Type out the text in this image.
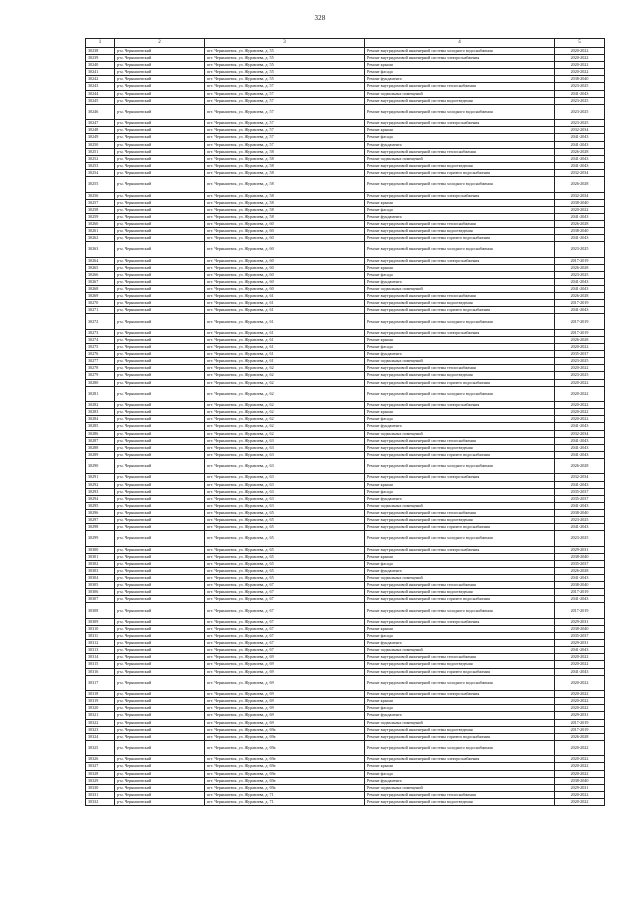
328
1	2	3	4	5
30238	р-н. Чернышевский	пгт. Чернышевск, ул. Журавлева, д. 55	Ремонт внутридомовой инженерной системы холодного водоснабжения	2020-2022
30239	р-н. Чернышевский	пгт. Чернышевск, ул. Журавлева, д. 55	Ремонт внутридомовой инженерной системы электроснабжения	2020-2022
30240	р-н. Чернышевский	пгт. Чернышевск, ул. Журавлева, д. 55	Ремонт крыши	2020-2022
30241	р-н. Чернышевский	пгт. Чернышевск, ул. Журавлева, д. 55	Ремонт фасада	2020-2022
30242	р-н. Чернышевский	пгт. Чернышевск, ул. Журавлева, д. 55	Ремонт фундамента	2038-2040
30243	р-н. Чернышевский	пгт. Чернышевск, ул. Журавлева, д. 57	Ремонт внутридомовой инженерной системы теплоснабжения	2023-2025
30244	р-н. Чернышевский	пгт. Чернышевск, ул. Журавлева, д. 57	Ремонт подвальных помещений	2041-2043
30245	р-н. Чернышевский	пгт. Чернышевск, ул. Журавлева, д. 57	Ремонт внутридомовой инженерной системы водоотведения	2023-2025
30246	р-н. Чернышевский	пгт. Чернышевск, ул. Журавлева, д. 57	Ремонт внутридомовой инженерной системы холодного водоснабжения	2023-2025
30247	р-н. Чернышевский	пгт. Чернышевск, ул. Журавлева, д. 57	Ремонт внутридомовой инженерной системы электроснабжения	2023-2025
30248	р-н. Чернышевский	пгт. Чернышевск, ул. Журавлева, д. 57	Ремонт крыши	2032-2034
30249	р-н. Чернышевский	пгт. Чернышевск, ул. Журавлева, д. 57	Ремонт фасада	2041-2043
30250	р-н. Чернышевский	пгт. Чернышевск, ул. Журавлева, д. 57	Ремонт фундамента	2041-2043
30251	р-н. Чернышевский	пгт. Чернышевск, ул. Журавлева, д. 58	Ремонт внутридомовой инженерной системы теплоснабжения	2026-2028
30252	р-н. Чернышевский	пгт. Чернышевск, ул. Журавлева, д. 58	Ремонт подвальных помещений	2041-2043
30253	р-н. Чернышевский	пгт. Чернышевск, ул. Журавлева, д. 58	Ремонт внутридомовой инженерной системы водоотведения	2041-2043
30254	р-н. Чернышевский	пгт. Чернышевск, ул. Журавлева, д. 58	Ремонт внутридомовой инженерной системы горячего водоснабжения	2032-2034
30255	р-н. Чернышевский	пгт. Чернышевск, ул. Журавлева, д. 58	Ремонт внутридомовой инженерной системы холодного водоснабжения	2026-2028
30256	р-н. Чернышевский	пгт. Чернышевск, ул. Журавлева, д. 58	Ремонт внутридомовой инженерной системы электроснабжения	2032-2034
30257	р-н. Чернышевский	пгт. Чернышевск, ул. Журавлева, д. 58	Ремонт крыши	2038-2040
30258	р-н. Чернышевский	пгт. Чернышевск, ул. Журавлева, д. 58	Ремонт фасада	2020-2022
30259	р-н. Чернышевский	пгт. Чернышевск, ул. Журавлева, д. 58	Ремонт фундамента	2041-2043
30260	р-н. Чернышевский	пгт. Чернышевск, ул. Журавлева, д. 60	Ремонт внутридомовой инженерной системы теплоснабжения	2026-2028
30261	р-н. Чернышевский	пгт. Чернышевск, ул. Журавлева, д. 60	Ремонт внутридомовой инженерной системы водоотведения	2038-2040
30262	р-н. Чернышевский	пгт. Чернышевск, ул. Журавлева, д. 60	Ремонт внутридомовой инженерной системы горячего водоснабжения	2041-2043
30263	р-н. Чернышевский	пгт. Чернышевск, ул. Журавлева, д. 60	Ремонт внутридомовой инженерной системы холодного водоснабжения	2023-2025
30264	р-н. Чернышевский	пгт. Чернышевск, ул. Журавлева, д. 60	Ремонт внутридомовой инженерной системы электроснабжения	2017-2019
30265	р-н. Чернышевский	пгт. Чернышевск, ул. Журавлева, д. 60	Ремонт крыши	2026-2028
30266	р-н. Чернышевский	пгт. Чернышевск, ул. Журавлева, д. 60	Ремонт фасада	2023-2025
30267	р-н. Чернышевский	пгт. Чернышевск, ул. Журавлева, д. 60	Ремонт фундамента	2041-2043
30268	р-н. Чернышевский	пгт. Чернышевск, ул. Журавлева, д. 60	Ремонт подвальных помещений	2041-2043
30269	р-н. Чернышевский	пгт. Чернышевск, ул. Журавлева, д. 61	Ремонт внутридомовой инженерной системы теплоснабжения	2026-2028
30270	р-н. Чернышевский	пгт. Чернышевск, ул. Журавлева, д. 61	Ремонт внутридомовой инженерной системы водоотведения	2017-2019
30271	р-н. Чернышевский	пгт. Чернышевск, ул. Журавлева, д. 61	Ремонт внутридомовой инженерной системы горячего водоснабжения	2041-2043
30272	р-н. Чернышевский	пгт. Чернышевск, ул. Журавлева, д. 61	Ремонт внутридомовой инженерной системы холодного водоснабжения	2017-2019
30273	р-н. Чернышевский	пгт. Чернышевск, ул. Журавлева, д. 61	Ремонт внутридомовой инженерной системы электроснабжения	2017-2019
30274	р-н. Чернышевский	пгт. Чернышевск, ул. Журавлева, д. 61	Ремонт крыши	2026-2028
30275	р-н. Чернышевский	пгт. Чернышевск, ул. Журавлева, д. 61	Ремонт фасада	2020-2022
30276	р-н. Чернышевский	пгт. Чернышевск, ул. Журавлева, д. 61	Ремонт фундамента	2035-2037
30277	р-н. Чернышевский	пгт. Чернышевск, ул. Журавлева, д. 61	Ремонт подвальных помещений	2023-2025
30278	р-н. Чернышевский	пгт. Чернышевск, ул. Журавлева, д. 62	Ремонт внутридомовой инженерной системы теплоснабжения	2020-2022
30279	р-н. Чернышевский	пгт. Чернышевск, ул. Журавлева, д. 62	Ремонт внутридомовой инженерной системы водоотведения	2023-2025
30280	р-н. Чернышевский	пгт. Чернышевск, ул. Журавлева, д. 62	Ремонт внутридомовой инженерной системы горячего водоснабжения	2020-2022
30281	р-н. Чернышевский	пгт. Чернышевск, ул. Журавлева, д. 62	Ремонт внутридомовой инженерной системы холодного водоснабжения	2020-2022
30282	р-н. Чернышевский	пгт. Чернышевск, ул. Журавлева, д. 62	Ремонт внутридомовой инженерной системы электроснабжения	2020-2022
30283	р-н. Чернышевский	пгт. Чернышевск, ул. Журавлева, д. 62	Ремонт крыши	2020-2022
30284	р-н. Чернышевский	пгт. Чернышевск, ул. Журавлева, д. 62	Ремонт фасада	2020-2022
30285	р-н. Чернышевский	пгт. Чернышевск, ул. Журавлева, д. 62	Ремонт фундамента	2041-2043
30286	р-н. Чернышевский	пгт. Чернышевск, ул. Журавлева, д. 62	Ремонт подвальных помещений	2032-2034
30287	р-н. Чернышевский	пгт. Чернышевск, ул. Журавлева, д. 63	Ремонт внутридомовой инженерной системы теплоснабжения	2041-2043
30288	р-н. Чернышевский	пгт. Чернышевск, ул. Журавлева, д. 63	Ремонт внутридомовой инженерной системы водоотведения	2041-2043
30289	р-н. Чернышевский	пгт. Чернышевск, ул. Журавлева, д. 63	Ремонт внутридомовой инженерной системы горячего водоснабжения	2041-2043
30290	р-н. Чернышевский	пгт. Чернышевск, ул. Журавлева, д. 63	Ремонт внутридомовой инженерной системы холодного водоснабжения	2026-2028
30291	р-н. Чернышевский	пгт. Чернышевск, ул. Журавлева, д. 63	Ремонт внутридомовой инженерной системы электроснабжения	2032-2034
30292	р-н. Чернышевский	пгт. Чернышевск, ул. Журавлева, д. 63	Ремонт крыши	2041-2043
30293	р-н. Чернышевский	пгт. Чернышевск, ул. Журавлева, д. 63	Ремонт фасада	2035-2037
30294	р-н. Чернышевский	пгт. Чернышевск, ул. Журавлева, д. 63	Ремонт фундамента	2035-2037
30295	р-н. Чернышевский	пгт. Чернышевск, ул. Журавлева, д. 63	Ремонт подвальных помещений	2041-2043
30296	р-н. Чернышевский	пгт. Чернышевск, ул. Журавлева, д. 65	Ремонт внутридомовой инженерной системы теплоснабжения	2038-2040
30297	р-н. Чернышевский	пгт. Чернышевск, ул. Журавлева, д. 65	Ремонт внутридомовой инженерной системы водоотведения	2023-2025
30298	р-н. Чернышевский	пгт. Чернышевск, ул. Журавлева, д. 65	Ремонт внутридомовой инженерной системы горячего водоснабжения	2041-2043
30299	р-н. Чернышевский	пгт. Чернышевск, ул. Журавлева, д. 65	Ремонт внутридомовой инженерной системы холодного водоснабжения	2023-2025
30300	р-н. Чернышевский	пгт. Чернышевск, ул. Журавлева, д. 65	Ремонт внутридомовой инженерной системы электроснабжения	2029-2031
30301	р-н. Чернышевский	пгт. Чернышевск, ул. Журавлева, д. 65	Ремонт крыши	2038-2040
30302	р-н. Чернышевский	пгт. Чернышевск, ул. Журавлева, д. 65	Ремонт фасада	2035-2037
30303	р-н. Чернышевский	пгт. Чернышевск, ул. Журавлева, д. 65	Ремонт фундамента	2026-2028
30304	р-н. Чернышевский	пгт. Чернышевск, ул. Журавлева, д. 65	Ремонт подвальных помещений	2041-2043
30305	р-н. Чернышевский	пгт. Чернышевск, ул. Журавлева, д. 67	Ремонт внутридомовой инженерной системы теплоснабжения	2038-2040
30306	р-н. Чернышевский	пгт. Чернышевск, ул. Журавлева, д. 67	Ремонт внутридомовой инженерной системы водоотведения	2017-2019
30307	р-н. Чернышевский	пгт. Чернышевск, ул. Журавлева, д. 67	Ремонт внутридомовой инженерной системы горячего водоснабжения	2041-2043
30308	р-н. Чернышевский	пгт. Чернышевск, ул. Журавлева, д. 67	Ремонт внутридомовой инженерной системы холодного водоснабжения	2017-2019
30309	р-н. Чернышевский	пгт. Чернышевск, ул. Журавлева, д. 67	Ремонт внутридомовой инженерной системы электроснабжения	2029-2031
30310	р-н. Чернышевский	пгт. Чернышевск, ул. Журавлева, д. 67	Ремонт крыши	2038-2040
30311	р-н. Чернышевский	пгт. Чернышевск, ул. Журавлева, д. 67	Ремонт фасада	2035-2037
30312	р-н. Чернышевский	пгт. Чернышевск, ул. Журавлева, д. 67	Ремонт фундамента	2029-2031
30313	р-н. Чернышевский	пгт. Чернышевск, ул. Журавлева, д. 67	Ремонт подвальных помещений	2041-2043
30314	р-н. Чернышевский	пгт. Чернышевск, ул. Журавлева, д. 69	Ремонт внутридомовой инженерной системы теплоснабжения	2020-2022
30315	р-н. Чернышевский	пгт. Чернышевск, ул. Журавлева, д. 69	Ремонт внутридомовой инженерной системы водоотведения	2020-2022
30316	р-н. Чернышевский	пгт. Чернышевск, ул. Журавлева, д. 69	Ремонт внутридомовой инженерной системы горячего водоснабжения	2041-2043
30317	р-н. Чернышевский	пгт. Чернышевск, ул. Журавлева, д. 69	Ремонт внутридомовой инженерной системы холодного водоснабжения	2020-2022
30318	р-н. Чернышевский	пгт. Чернышевск, ул. Журавлева, д. 69	Ремонт внутридомовой инженерной системы электроснабжения	2020-2022
30319	р-н. Чернышевский	пгт. Чернышевск, ул. Журавлева, д. 69	Ремонт крыши	2020-2022
30320	р-н. Чернышевский	пгт. Чернышевск, ул. Журавлева, д. 69	Ремонт фасада	2020-2022
30321	р-н. Чернышевский	пгт. Чернышевск, ул. Журавлева, д. 69	Ремонт фундамента	2029-2031
30322	р-н. Чернышевский	пгт. Чернышевск, ул. Журавлева, д. 69	Ремонт подвальных помещений	2017-2019
30323	р-н. Чернышевский	пгт. Чернышевск, ул. Журавлева, д. 69а	Ремонт внутридомовой инженерной системы водоотведения	2017-2019
30324	р-н. Чернышевский	пгт. Чернышевск, ул. Журавлева, д. 69а	Ремонт внутридомовой инженерной системы горячего водоснабжения	2026-2028
30325	р-н. Чернышевский	пгт. Чернышевск, ул. Журавлева, д. 69а	Ремонт внутридомовой инженерной системы холодного водоснабжения	2020-2022
30326	р-н. Чернышевский	пгт. Чернышевск, ул. Журавлева, д. 69а	Ремонт внутридомовой инженерной системы электроснабжения	2020-2022
30327	р-н. Чернышевский	пгт. Чернышевск, ул. Журавлева, д. 69а	Ремонт крыши	2020-2022
30328	р-н. Чернышевский	пгт. Чернышевск, ул. Журавлева, д. 69а	Ремонт фасада	2020-2022
30329	р-н. Чернышевский	пгт. Чернышевск, ул. Журавлева, д. 69а	Ремонт фундамента	2038-2040
30330	р-н. Чернышевский	пгт. Чернышевск, ул. Журавлева, д. 69а	Ремонт подвальных помещений	2029-2031
30331	р-н. Чернышевский	пгт. Чернышевск, ул. Журавлева, д. 71	Ремонт внутридомовой инженерной системы теплоснабжения	2020-2022
30332	р-н. Чернышевский	пгт. Чернышевск, ул. Журавлева, д. 71	Ремонт внутридомовой инженерной системы водоотведения	2020-2022
